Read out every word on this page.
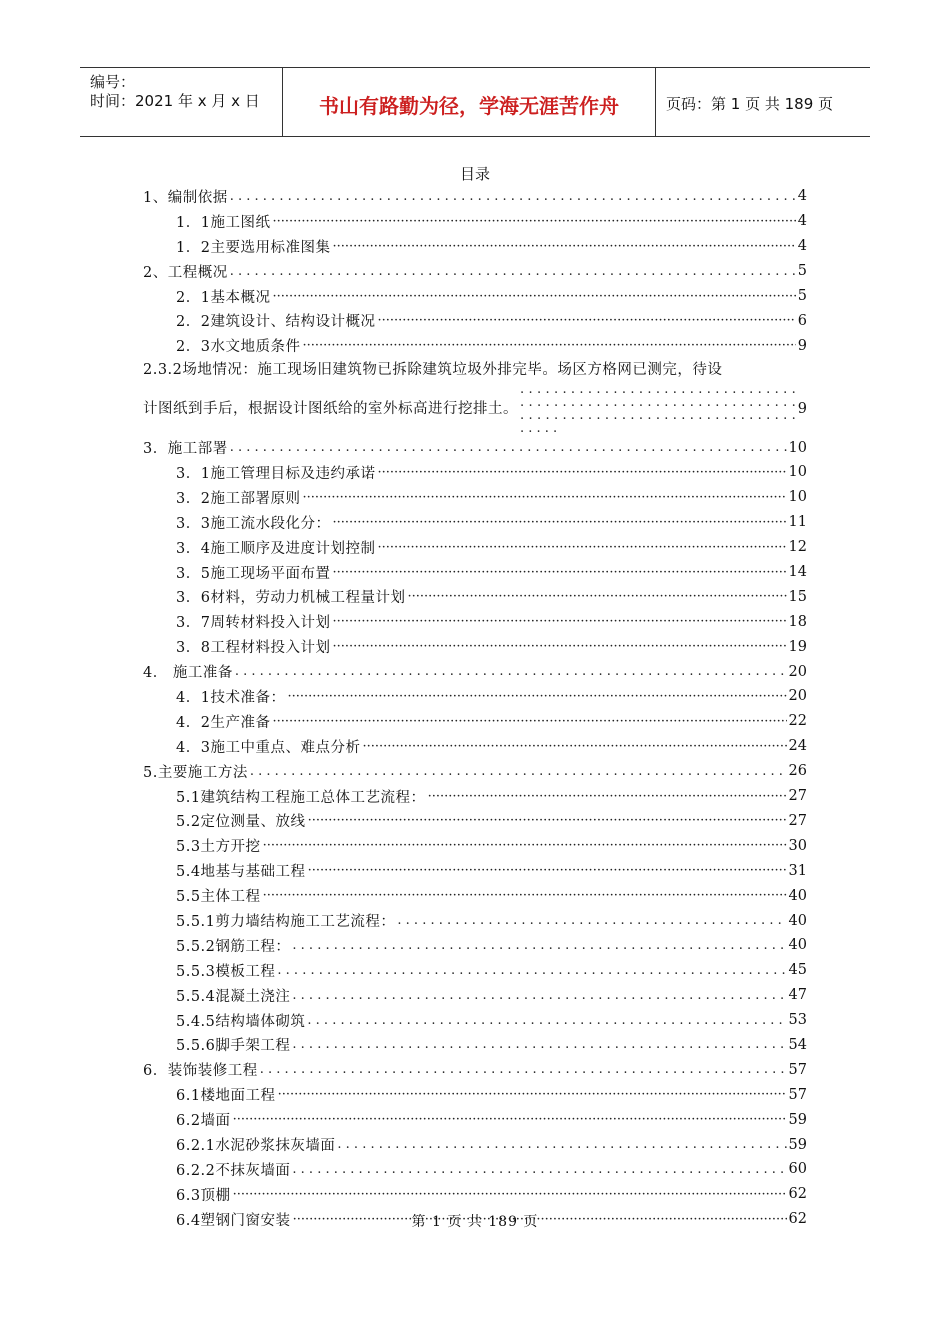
编号：
时间：2021 年 x 月 x 日	书山有路勤为径，学海无涯苦作舟	页码：第 1 页 共 189 页
目录
1、编制依据 . . .	4
1．1施工图纸 ·····	4
1．2主要选用标准图集 ·····	4
2、工程概况 . . .	5
2．1基本概况 ·····	5
2．2建筑设计、结构设计概况 ·····	6
2．3水文地质条件 ·····	9
2.3.2场地情况：施工现场旧建筑物已拆除建筑垃圾外排完毕。场区方格网已测完，待设
计图纸到手后，根据设计图纸给的室外标高进行挖排土。 . . .	9
3．施工部署 . . .	10
3．1施工管理目标及违约承诺 ·····	10
3．2施工部署原则 ·····	10
3．3施工流水段化分： ·····	11
3．4施工顺序及进度计划控制 ·····	12
3．5施工现场平面布置 ·····	14
3．6材料，劳动力机械工程量计划 ·····	15
3．7周转材料投入计划 ·····	18
3．8工程材料投入计划 ·····	19
4． 施工准备 . . .	20
4．1技术准备： ·····	20
4．2生产准备 ·····	22
4．3施工中重点、难点分析 ·····	24
5.主要施工方法 . . .	26
5.1建筑结构工程施工总体工艺流程： ·····	27
5.2定位测量、放线 ·····	27
5.3土方开挖 ·····	30
5.4地基与基础工程 ·····	31
5.5主体工程 ·····	40
5.5.1剪力墙结构施工工艺流程： . . .	40
5.5.2钢筋工程： . . .	40
5.5.3模板工程 . . .	45
5.5.4混凝土浇注 . . .	47
5.4.5结构墙体砌筑 . . .	53
5.5.6脚手架工程 . . .	54
6．装饰装修工程 . . .	57
6.1楼地面工程 ·····	57
6.2墙面 ·····	59
6.2.1水泥砂浆抹灰墙面 . . .	59
6.2.2不抹灰墙面 . . .	60
6.3顶棚 ·····	62
6.4塑钢门窗安装 ·····	62
第 1 页 共 189 页
